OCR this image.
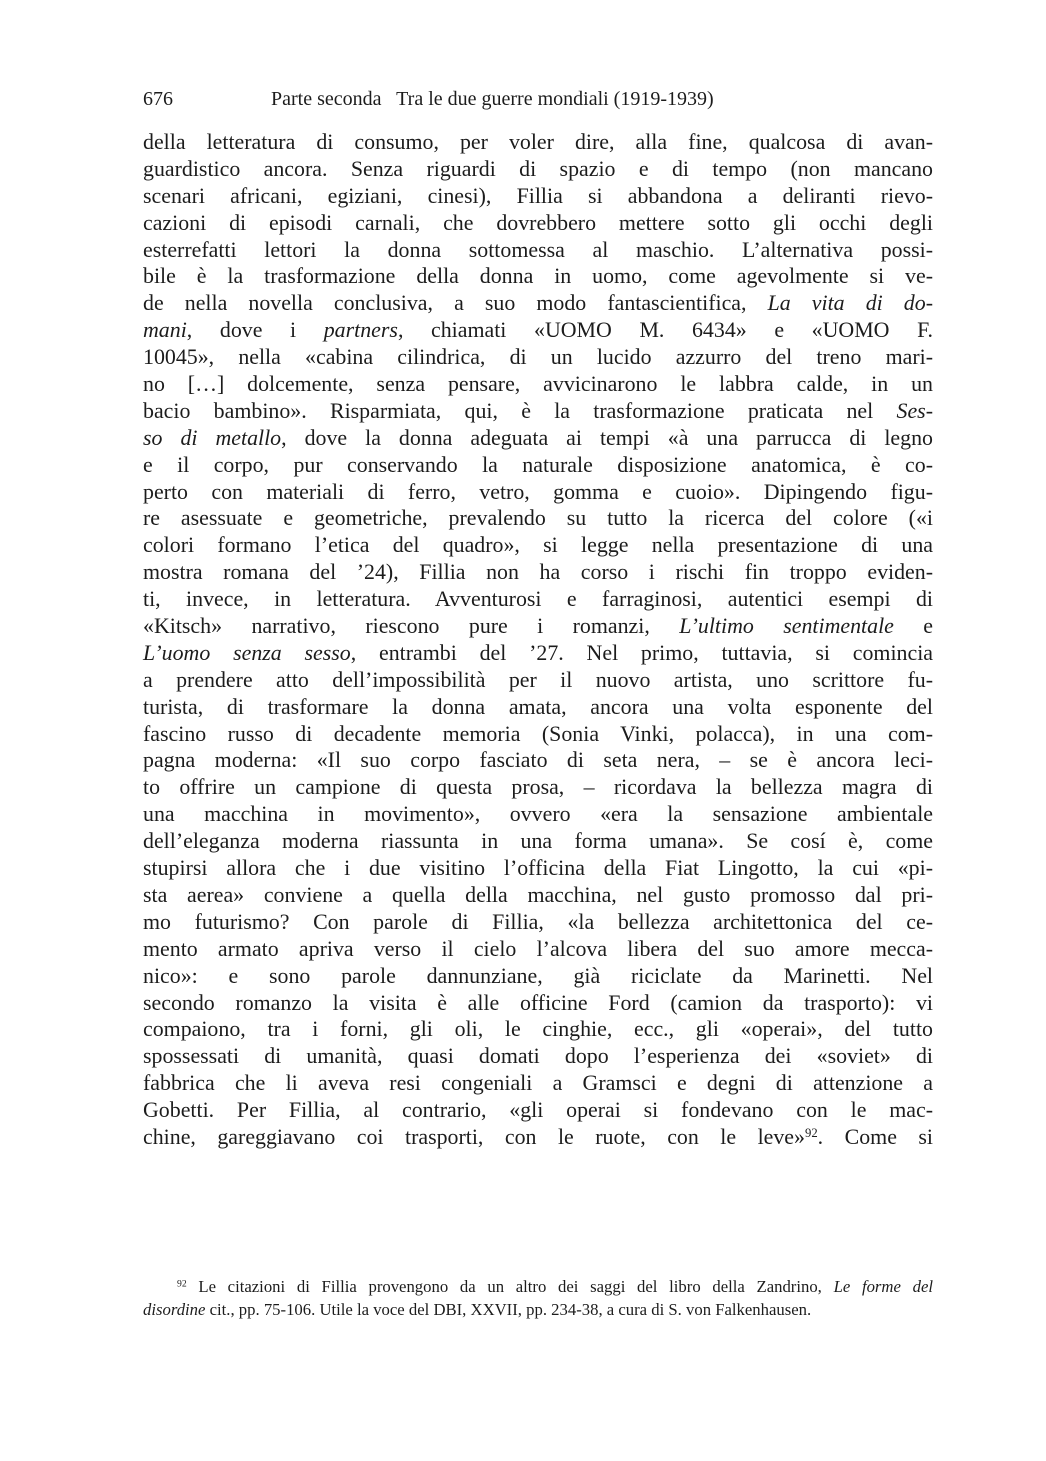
676	Parte seconda   Tra le due guerre mondiali (1919-1939)
della letteratura di consumo, per voler dire, alla fine, qualcosa di avan-
guardistico ancora. Senza riguardi di spazio e di tempo (non mancano
scenari africani, egiziani, cinesi), Fillia si abbandona a deliranti rievo-
cazioni di episodi carnali, che dovrebbero mettere sotto gli occhi degli
esterrefatti lettori la donna sottomessa al maschio. L’alternativa possi-
bile è la trasformazione della donna in uomo, come agevolmente si ve-
de nella novella conclusiva, a suo modo fantascientifica, La vita di do-
mani, dove i partners, chiamati «UOMO M. 6434» e «UOMO F.
10045», nella «cabina cilindrica, di un lucido azzurro del treno mari-
no […] dolcemente, senza pensare, avvicinarono le labbra calde, in un
bacio bambino». Risparmiata, qui, è la trasformazione praticata nel Ses-
so di metallo, dove la donna adeguata ai tempi «à una parrucca di legno
e il corpo, pur conservando la naturale disposizione anatomica, è co-
perto con materiali di ferro, vetro, gomma e cuoio». Dipingendo figu-
re asessuate e geometriche, prevalendo su tutto la ricerca del colore («i
colori formano l’etica del quadro», si legge nella presentazione di una
mostra romana del ’24), Fillia non ha corso i rischi fin troppo eviden-
ti, invece, in letteratura. Avventurosi e farraginosi, autentici esempi di
«Kitsch» narrativo, riescono pure i romanzi, L’ultimo sentimentale e
L’uomo senza sesso, entrambi del ’27. Nel primo, tuttavia, si comincia
a prendere atto dell’impossibilità per il nuovo artista, uno scrittore fu-
turista, di trasformare la donna amata, ancora una volta esponente del
fascino russo di decadente memoria (Sonia Vinki, polacca), in una com-
pagna moderna: «Il suo corpo fasciato di seta nera, – se è ancora leci-
to offrire un campione di questa prosa, – ricordava la bellezza magra di
una macchina in movimento», ovvero «era la sensazione ambientale
dell’eleganza moderna riassunta in una forma umana». Se cosí è, come
stupirsi allora che i due visitino l’officina della Fiat Lingotto, la cui «pi-
sta aerea» conviene a quella della macchina, nel gusto promosso dal pri-
mo futurismo? Con parole di Fillia, «la bellezza architettonica del ce-
mento armato apriva verso il cielo l’alcova libera del suo amore mecca-
nico»: e sono parole dannunziane, già riciclate da Marinetti. Nel
secondo romanzo la visita è alle officine Ford (camion da trasporto): vi
compaiono, tra i forni, gli oli, le cinghie, ecc., gli «operai», del tutto
spossessati di umanità, quasi domati dopo l’esperienza dei «soviet» di
fabbrica che li aveva resi congeniali a Gramsci e degni di attenzione a
Gobetti. Per Fillia, al contrario, «gli operai si fondevano con le mac-
chine, gareggiavano coi trasporti, con le ruote, con le leve»$^{92}$. Come si
$^{92}$ Le citazioni di Fillia provengono da un altro dei saggi del libro della Zandrino, Le forme del
disordine cit., pp. 75-106. Utile la voce del DBI, XXVII, pp. 234-38, a cura di S. von Falkenhausen.
